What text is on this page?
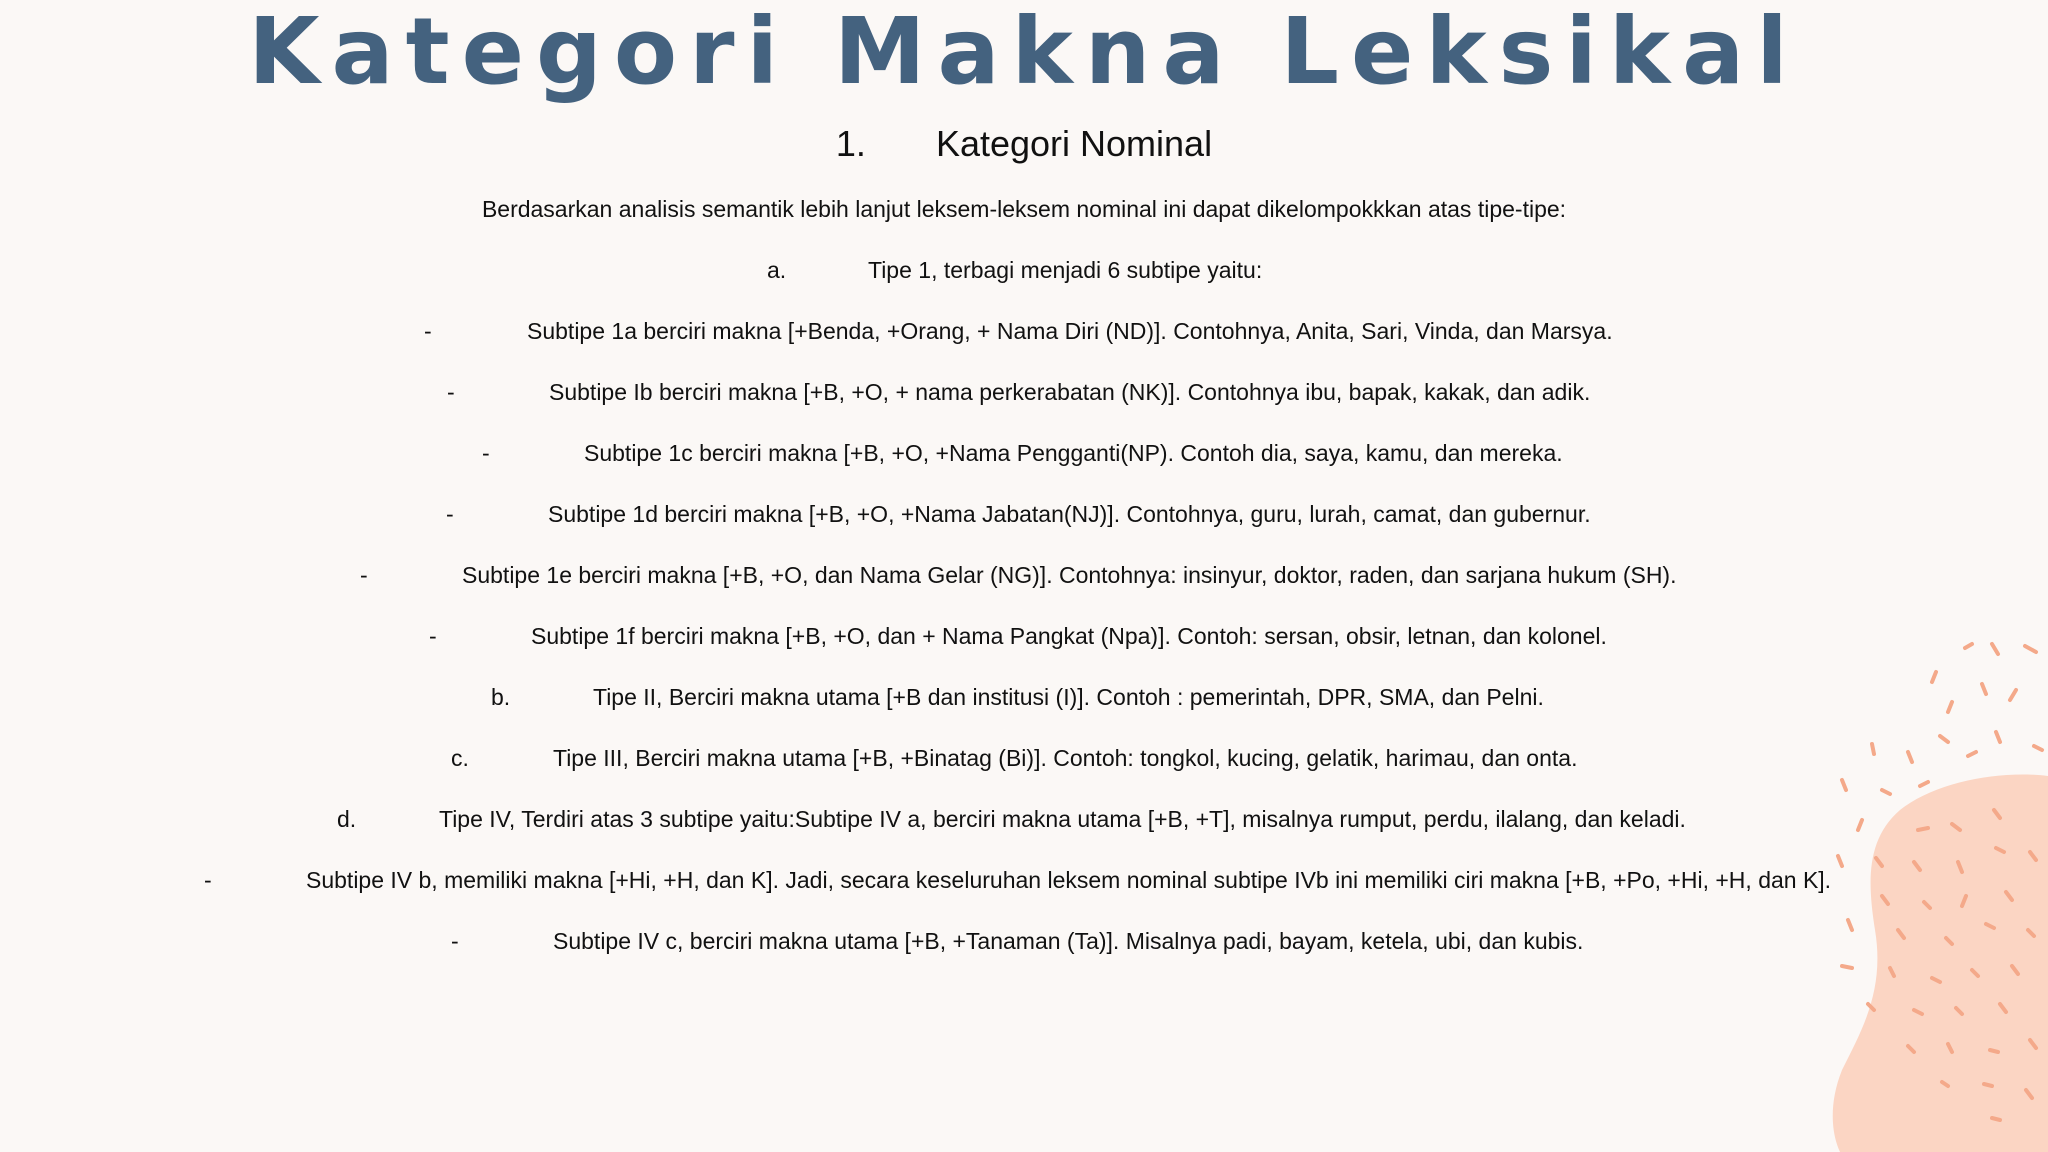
Kategori Makna Leksikal
1. Kategori Nominal
Berdasarkan analisis semantik lebih lanjut leksem-leksem nominal ini dapat dikelompokkkan atas tipe-tipe:
a.	Tipe 1, terbagi menjadi 6 subtipe yaitu:
-	Subtipe 1a berciri makna [+Benda, +Orang, + Nama Diri (ND)]. Contohnya, Anita, Sari, Vinda, dan Marsya.
-	Subtipe Ib berciri makna [+B, +O, + nama perkerabatan (NK)]. Contohnya ibu, bapak, kakak, dan adik.
-	Subtipe 1c berciri makna [+B, +O, +Nama Pengganti(NP). Contoh dia, saya, kamu, dan mereka.
-	Subtipe 1d berciri makna [+B, +O, +Nama Jabatan(NJ)]. Contohnya, guru, lurah, camat, dan gubernur.
-	Subtipe 1e berciri makna [+B, +O, dan Nama Gelar (NG)]. Contohnya: insinyur, doktor, raden, dan sarjana hukum (SH).
-	Subtipe 1f berciri makna [+B, +O, dan + Nama Pangkat (Npa)]. Contoh: sersan, obsir, letnan, dan kolonel.
b.	Tipe II, Berciri makna utama [+B dan institusi (I)]. Contoh : pemerintah, DPR, SMA, dan Pelni.
c.	Tipe III, Berciri makna utama [+B, +Binatag (Bi)]. Contoh: tongkol, kucing, gelatik, harimau, dan onta.
d.	Tipe IV, Terdiri atas 3 subtipe yaitu:Subtipe IV a, berciri makna utama [+B, +T], misalnya rumput, perdu, ilalang, dan keladi.
-	Subtipe IV b, memiliki makna [+Hi, +H, dan K]. Jadi, secara keseluruhan leksem nominal subtipe IVb ini memiliki ciri makna [+B, +Po, +Hi, +H, dan K].
-	Subtipe IV c, berciri makna utama [+B, +Tanaman (Ta)]. Misalnya padi, bayam, ketela, ubi, dan kubis.
